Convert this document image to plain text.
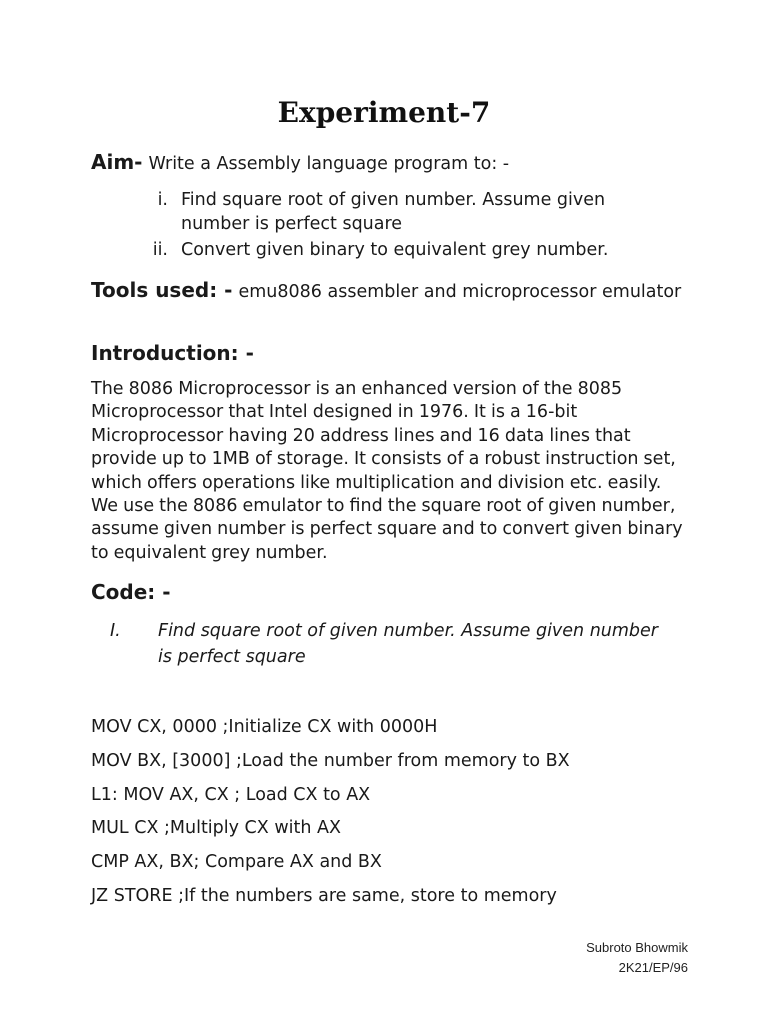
Experiment-7
Aim- Write a Assembly language program to: -
i. Find square root of given number. Assume given number is perfect square
ii. Convert given binary to equivalent grey number.
Tools used: - emu8086 assembler and microprocessor emulator
Introduction: -
The 8086 Microprocessor is an enhanced version of the 8085 Microprocessor that Intel designed in 1976. It is a 16-bit Microprocessor having 20 address lines and 16 data lines that provide up to 1MB of storage. It consists of a robust instruction set, which offers operations like multiplication and division etc. easily. We use the 8086 emulator to find the square root of given number, assume given number is perfect square and to convert given binary to equivalent grey number.
Code: -
I. Find square root of given number. Assume given number is perfect square
MOV CX, 0000 ;Initialize CX with 0000H
MOV BX, [3000] ;Load the number from memory to BX
L1: MOV AX, CX ; Load CX to AX
MUL CX ;Multiply CX with AX
CMP AX, BX; Compare AX and BX
JZ STORE ;If the numbers are same, store to memory
Subroto Bhowmik
2K21/EP/96
